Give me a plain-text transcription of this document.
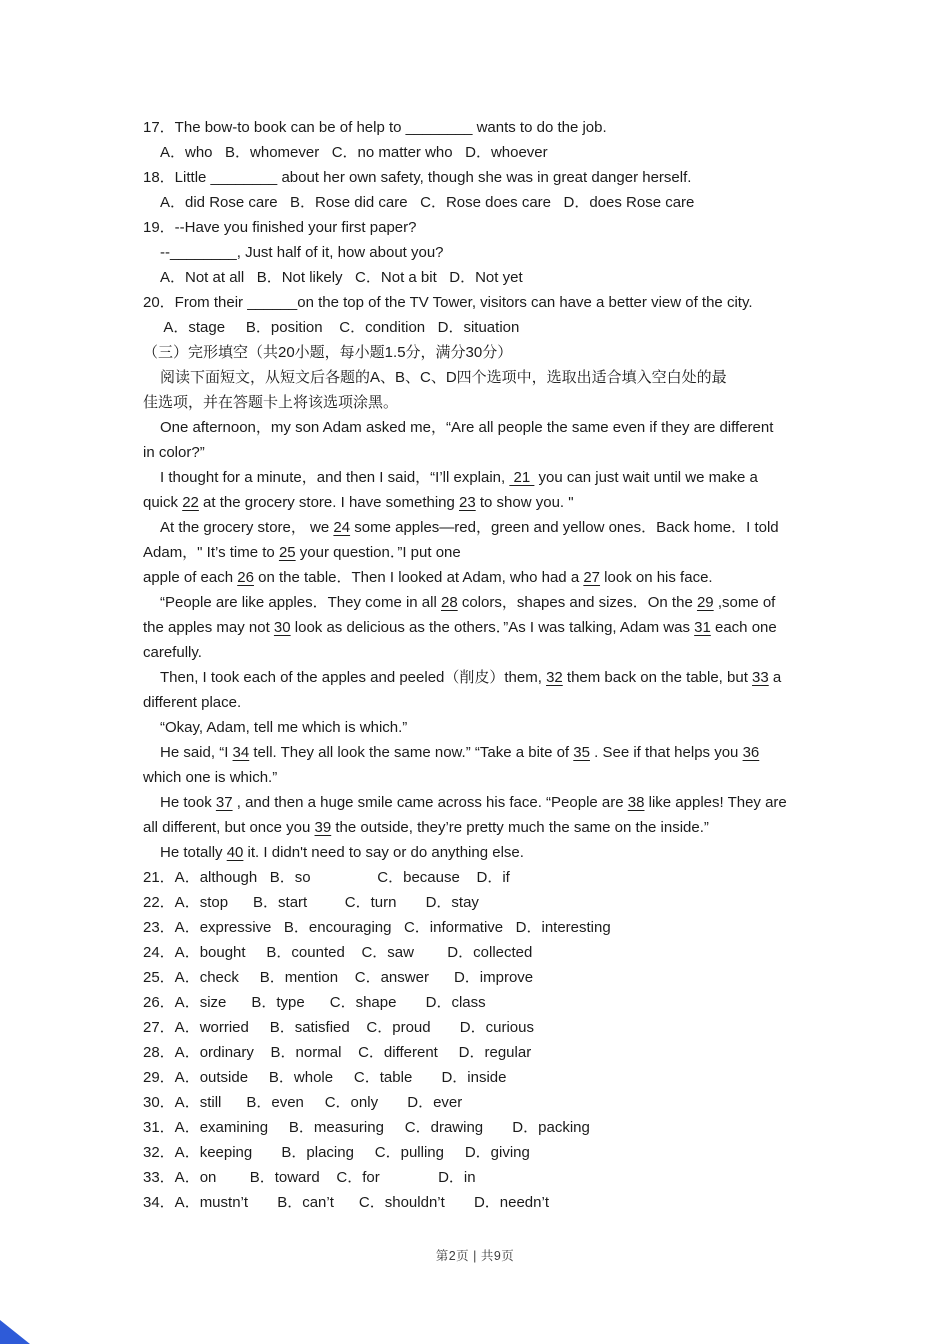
17．The bow-to book can be of help to ________ wants to do the job.
A．who   B．whomever   C．no matter who   D．whoever
18．Little ________ about her own safety, though she was in great danger herself.
A．did Rose care   B．Rose did care   C．Rose does care   D．does Rose care
19．--Have you finished your first paper?
--________, Just half of it, how about you?
A．Not at all   B．Not likely   C．Not a bit   D．Not yet
20．From their ______on the top of the TV Tower, visitors can have a better view of the city.
A．stage     B．position    C．condition   D．situation
（三）完形填空（共20小题，每小题1.5分，满分30分）
阅读下面短文，从短文后各题的A、B、C、D四个选项中，选取出适合填入空白处的最
佳选项，并在答题卡上将该选项涂黑。
One afternoon，my son Adam asked me，“Are all people the same even if they are different
in color?”
I thought for a minute，and then I said，“I’ll explain,  21  you can just wait until we make a
quick 22 at the grocery store. I have something 23 to show you. "
At the grocery store， we 24 some apples—red，green and yellow ones．Back home．I told
Adam，" It’s time to 25 your question．”I put one
apple of each 26 on the table．Then I looked at Adam, who had a 27 look on his face.
“People are like apples．They come in all 28 colors，shapes and sizes．On the 29 ,some of
the apples may not 30 look as delicious as the others．”As I was talking, Adam was 31 each one
carefully.
Then, I took each of the apples and peeled（削皮）them, 32 them back on the table, but 33 a
different place.
“Okay, Adam, tell me which is which.”
He said, “I 34 tell. They all look the same now.” “Take a bite of 35 . See if that helps you 36
which one is which.”
He took 37 , and then a huge smile came across his face. “People are 38 like apples! They are
all different, but once you 39 the outside, they’re pretty much the same on the inside.”
He totally 40 it. I didn't need to say or do anything else.
21．A．although   B．so                C．because    D．if
22．A．stop      B．start         C．turn       D．stay
23．A．expressive   B．encouraging   C．informative   D．interesting
24．A．bought     B．counted    C．saw        D．collected
25．A．check     B．mention    C．answer      D．improve
26．A．size      B．type      C．shape       D．class
27．A．worried     B．satisfied    C．proud       D．curious
28．A．ordinary    B．normal    C．different     D．regular
29．A．outside     B．whole     C．table       D．inside
30．A．still      B．even     C．only       D．ever
31．A．examining     B．measuring     C．drawing       D．packing
32．A．keeping       B．placing     C．pulling     D．giving
33．A．on        B．toward    C．for              D．in
34．A．mustn’t       B．can’t      C．shouldn’t       D．needn’t
第2页 | 共9页
